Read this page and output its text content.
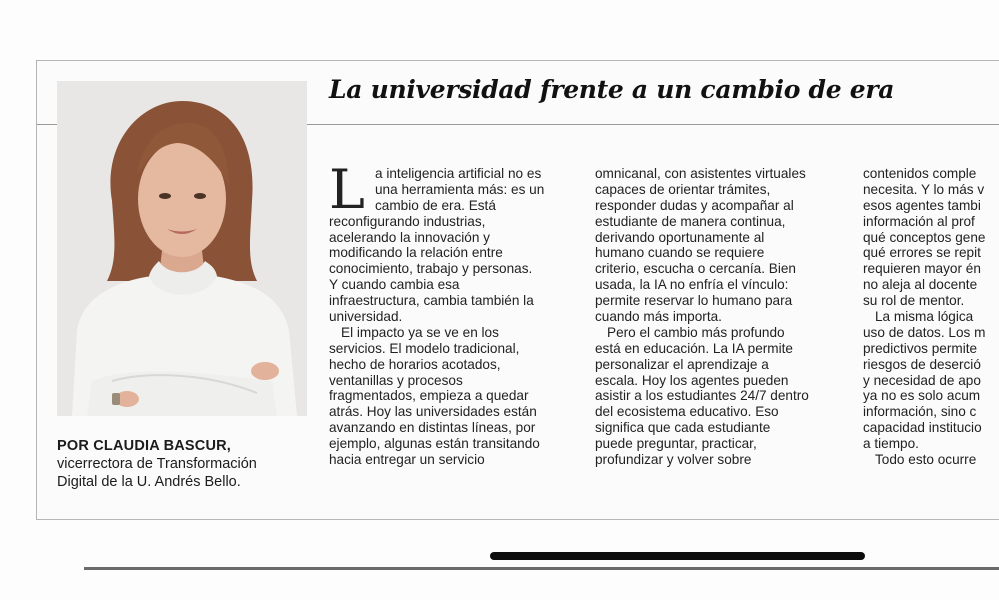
POR CLAUDIA BASCUR,
vicerrectora de Transformación
Digital de la U. Andrés Bello.
La universidad frente a un cambio de era
L a inteligencia artificial no es
una herramienta más: es un
cambio de era. Está
reconfigurando industrias,
acelerando la innovación y
modificando la relación entre
conocimiento, trabajo y personas.
Y cuando cambia esa
infraestructura, cambia también la
universidad.
El impacto ya se ve en los
servicios. El modelo tradicional,
hecho de horarios acotados,
ventanillas y procesos
fragmentados, empieza a quedar
atrás. Hoy las universidades están
avanzando en distintas líneas, por
ejemplo, algunas están transitando
hacia entregar un servicio
omnicanal, con asistentes virtuales
capaces de orientar trámites,
responder dudas y acompañar al
estudiante de manera continua,
derivando oportunamente al
humano cuando se requiere
criterio, escucha o cercanía. Bien
usada, la IA no enfría el vínculo:
permite reservar lo humano para
cuando más importa.
Pero el cambio más profundo
está en educación. La IA permite
personalizar el aprendizaje a
escala. Hoy los agentes pueden
asistir a los estudiantes 24/7 dentro
del ecosistema educativo. Eso
significa que cada estudiante
puede preguntar, practicar,
profundizar y volver sobre
contenidos comple
necesita. Y lo más v
esos agentes tambi
información al prof
qué conceptos gene
qué errores se repit
requieren mayor én
no aleja al docente
su rol de mentor.
La misma lógica
uso de datos. Los m
predictivos permite
riesgos de deserció
y necesidad de apo
ya no es solo acum
información, sino c
capacidad institucio
a tiempo.
Todo esto ocurre
